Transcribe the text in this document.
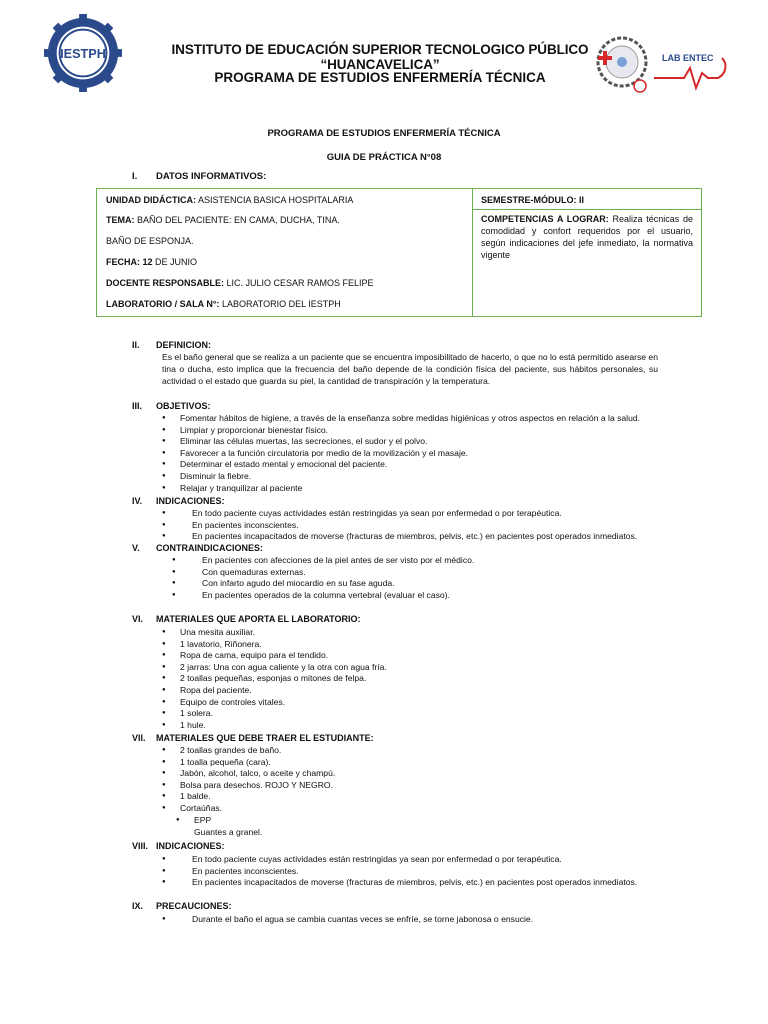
IESTPH	LAB ENTEC
INSTITUTO DE EDUCACIÓN SUPERIOR TECNOLOGICO PÚBLICO “HUANCAVELICA”
PROGRAMA DE ESTUDIOS ENFERMERÍA TÉCNICA
PROGRAMA DE ESTUDIOS ENFERMERÍA TÉCNICA
GUIA DE PRÁCTICA N°08
I. DATOS INFORMATIVOS:
UNIDAD DIDÁCTICA: ASISTENCIA BASICA HOSPITALARIA
TEMA: BAÑO DEL PACIENTE: EN CAMA, DUCHA, TINA.
BAÑO DE ESPONJA.
FECHA: 12 DE JUNIO
DOCENTE RESPONSABLE: LIC. JULIO CESAR RAMOS FELIPE
LABORATORIO / SALA N°: LABORATORIO DEL IESTPH
SEMESTRE-MÓDULO: II
COMPETENCIAS A LOGRAR: Realiza técnicas de comodidad y confort requeridos por el usuario, según indicaciones del jefe inmediato, la normativa vigente
II. DEFINICION:
Es el baño general que se realiza a un paciente que se encuentra imposibilitado de hacerlo, o que no lo está permitido asearse en tina o ducha, esto implica que la frecuencia del baño depende de la condición física del paciente, sus hábitos personales, su actividad o el estado que guarda su piel, la cantidad de transpiración y la temperatura.
III. OBJETIVOS:
● Fomentar hábitos de higiene, a través de la enseñanza sobre medidas higiénicas y otros aspectos en relación a la salud.
● Limpiar y proporcionar bienestar físico.
● Eliminar las células muertas, las secreciones, el sudor y el polvo.
● Favorecer a la función circulatoria por medio de la movilización y el masaje.
● Determinar el estado mental y emocional del paciente.
● Disminuir la fiebre.
● Relajar y tranquilizar al paciente
IV. INDICACIONES:
● En todo paciente cuyas actividades están restringidas ya sean por enfermedad o por terapéutica.
● En pacientes inconscientes.
● En pacientes incapacitados de moverse (fracturas de miembros, pelvis, etc.) en pacientes post operados inmediatos.
V. CONTRAINDICACIONES:
● En pacientes con afecciones de la piel antes de ser visto por el médico.
● Con quemaduras externas.
● Con infarto agudo del miocardio en su fase aguda.
● En pacientes operados de la columna vertebral (evaluar el caso).
VI. MATERIALES QUE APORTA EL LABORATORIO:
● Una mesita auxiliar.
● 1 lavatorio, Riñonera.
● Ropa de cama, equipo para el tendido.
● 2 jarras: Una con agua caliente y la otra con agua fría.
● 2 toallas pequeñas, esponjas o mitones de felpa.
● Ropa del paciente.
● Equipo de controles vitales.
● 1 solera.
● 1 hule.
VII. MATERIALES QUE DEBE TRAER EL ESTUDIANTE:
● 2 toallas grandes de baño.
● 1 toalla pequeña (cara).
● Jabón, alcohol, talco, o aceite y champú.
● Bolsa para desechos. ROJO Y NEGRO.
● 1 balde.
● Cortaúñas.
● EPP
Guantes a granel.
VIII. INDICACIONES:
● En todo paciente cuyas actividades están restringidas ya sean por enfermedad o por terapéutica.
● En pacientes inconscientes.
● En pacientes incapacitados de moverse (fracturas de miembros, pelvis, etc.) en pacientes post operados inmediatos.
IX. PRECAUCIONES:
● Durante el baño el agua se cambia cuantas veces se enfríe, se torne jabonosa o ensucie.
